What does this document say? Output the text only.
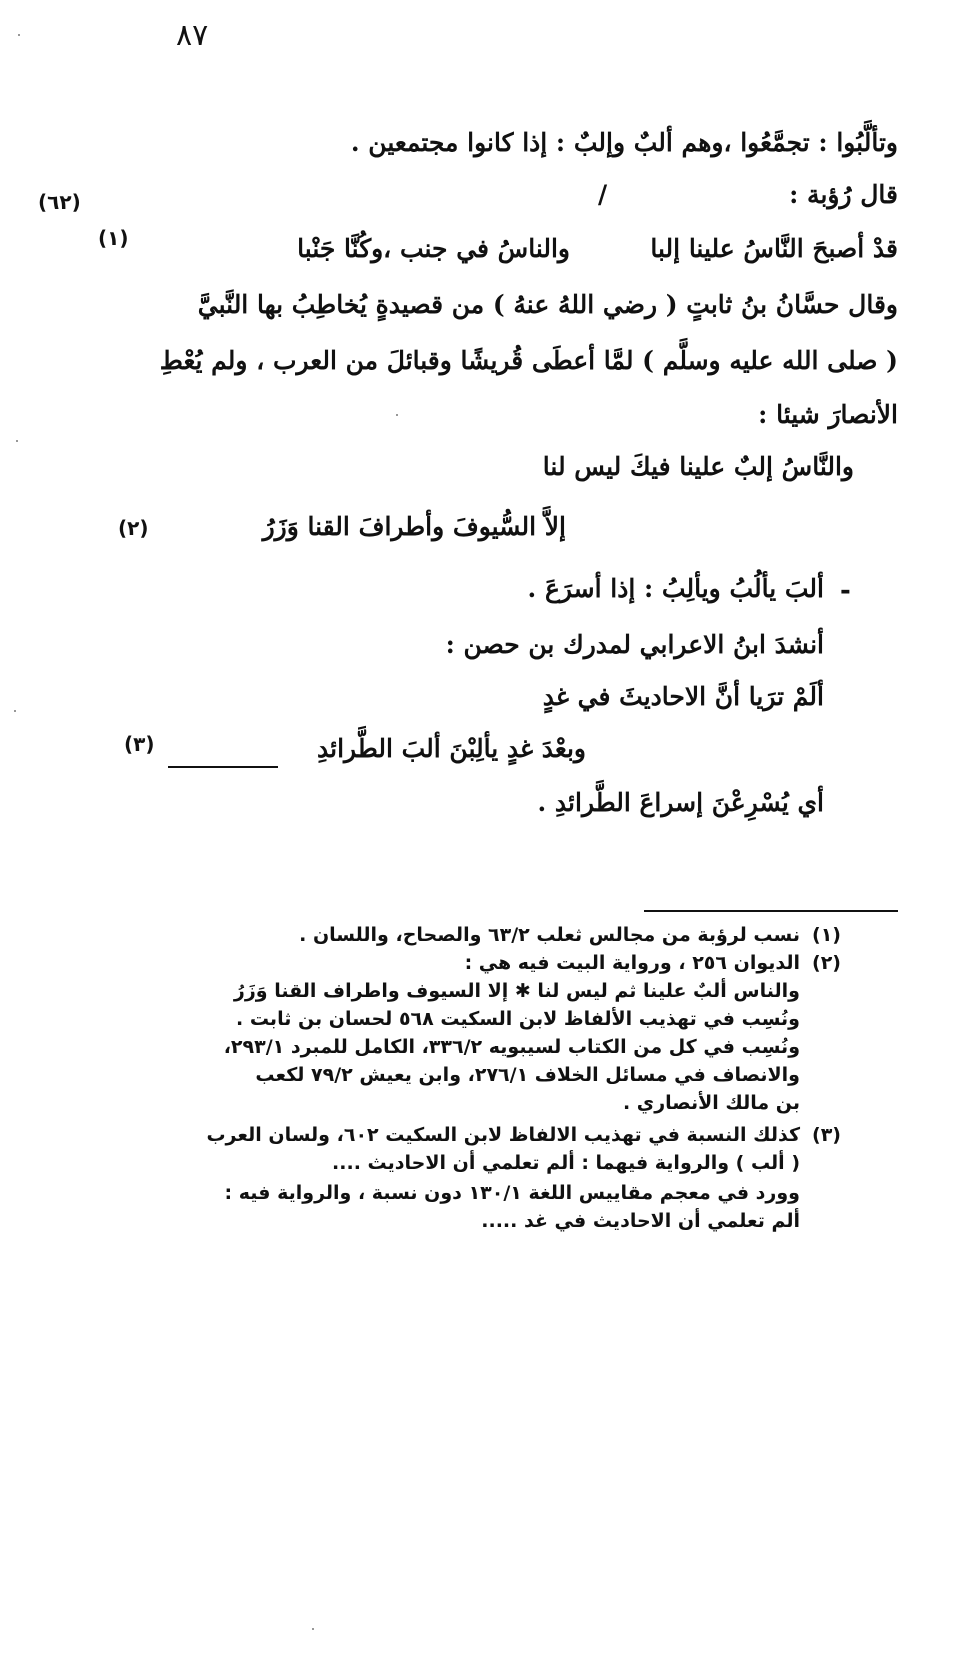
٨٧
وتألَّبُوا : تجمَّعُوا ،وهم ألبٌ وإلبٌ : إذا كانوا مجتمعين .
قال رُؤبة :
/
(٦٢)
قدْ أصبحَ النَّاسُ علينا إلبا
والناسُ في جنب ،وكُنَّا جَنْبا
(١)
وقال حسَّانُ بنُ ثابتٍ ( رضي اللهُ عنهُ ) من قصيدةٍ يُخاطِبُ بها النَّبيَّ
( صلى الله عليه وسلَّم ) لمَّا أعطَى قُريشًا وقبائلَ من العرب ، ولم يُعْطِ
الأنصارَ شيئا :
والنَّاسُ إلبٌ علينا فيكَ ليس لنا
إلاَّ السُّيوفَ وأطرافَ القنا وَزَرُ
(٢)
-
ألبَ يألُبُ ويألِبُ : إذا أسرَعَ .
أنشدَ ابنُ الاعرابي لمدرك بن حصن :
ألَمْ ترَيا أنَّ الاحاديثَ في غدٍ
وبعْدَ غدٍ يألِبْنَ ألبَ الطَّرائدِ
(٣)
أي يُسْرِعْنَ إسراعَ الطَّرائدِ .
(١)
نسب لرؤبة من مجالس ثعلب ٦٣/٢ والصحاح، واللسان .
(٢)
الديوان ٢٥٦ ، ورواية البيت فيه هي :
والناس ألبٌ علينا ثم ليس لنا ✱ إلا السيوف واطراف القنا وَزَرُ
ونُسِب في تهذيب الألفاظ لابن السكيت ٥٦٨ لحسان بن ثابت .
ونُسِب في كل من الكتاب لسيبويه ٣٣٦/٢، الكامل للمبرد ٢٩٣/١،
والانصاف في مسائل الخلاف ٢٧٦/١، وابن يعيش ٧٩/٢ لكعب
بن مالك الأنصاري .
(٣)
كذلك النسبة في تهذيب الالفاظ لابن السكيت ٦٠٢، ولسان العرب
( ألب ) والرواية فيهما : ألم تعلمي أن الاحاديث ....
وورد في معجم مقاييس اللغة ١٣٠/١ دون نسبة ، والرواية فيه :
ألم تعلمي أن الاحاديث في غد .....
